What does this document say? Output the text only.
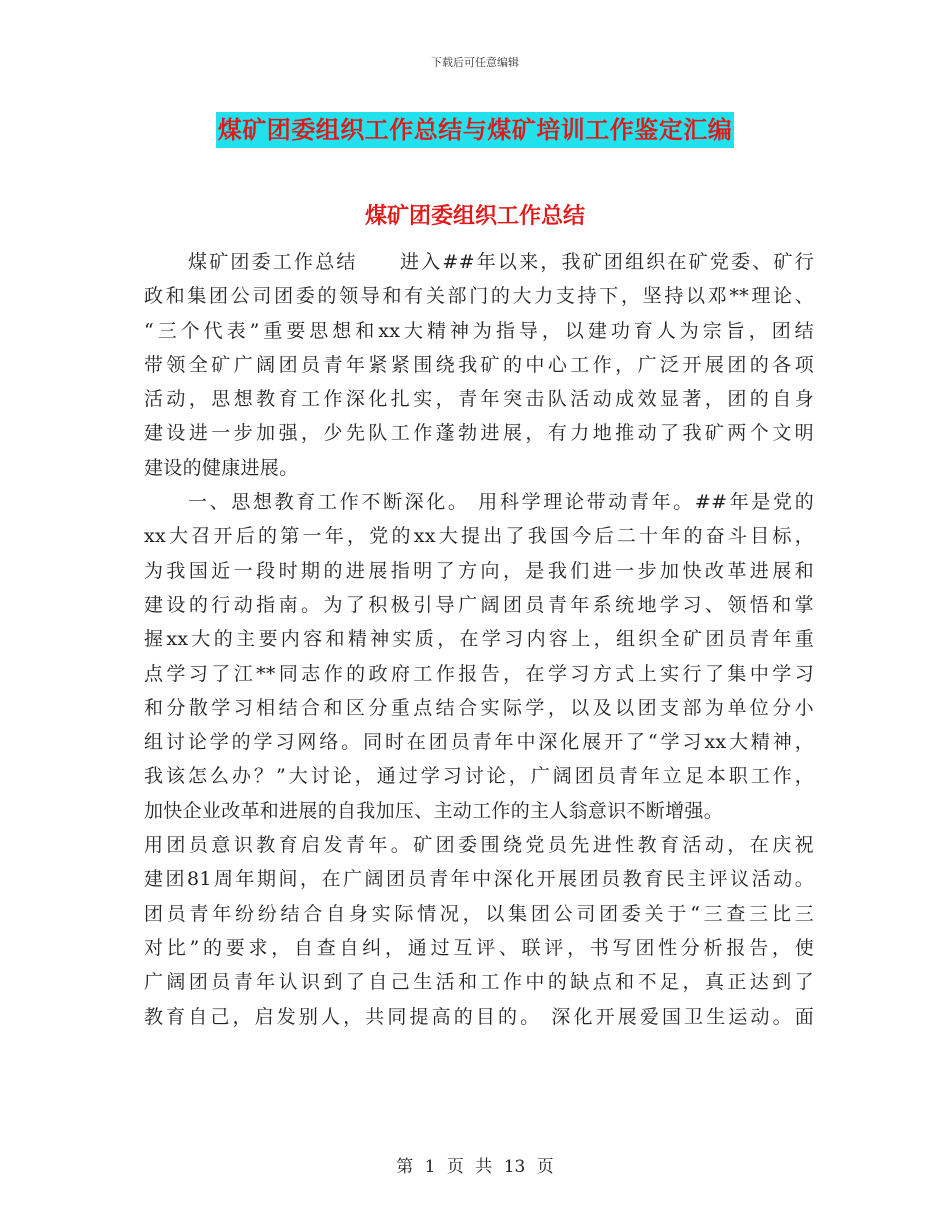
下载后可任意编辑
煤矿团委组织工作总结与煤矿培训工作鉴定汇编
煤矿团委组织工作总结
煤矿团委工作总结　　进入##年以来，我矿团组织在矿党委、矿行
政和集团公司团委的领导和有关部门的大力支持下，坚持以邓**理论、
“三个代表”重要思想和xx大精神为指导，以建功育人为宗旨，团结
带领全矿广阔团员青年紧紧围绕我矿的中心工作，广泛开展团的各项
活动，思想教育工作深化扎实，青年突击队活动成效显著，团的自身
建设进一步加强，少先队工作蓬勃进展，有力地推动了我矿两个文明
建设的健康进展。
一、思想教育工作不断深化。 用科学理论带动青年。##年是党的
xx大召开后的第一年，党的xx大提出了我国今后二十年的奋斗目标，
为我国近一段时期的进展指明了方向，是我们进一步加快改革进展和
建设的行动指南。为了积极引导广阔团员青年系统地学习、领悟和掌
握xx大的主要内容和精神实质，在学习内容上，组织全矿团员青年重
点学习了江**同志作的政府工作报告，在学习方式上实行了集中学习
和分散学习相结合和区分重点结合实际学，以及以团支部为单位分小
组讨论学的学习网络。同时在团员青年中深化展开了“学习xx大精神，
我该怎么办？”大讨论，通过学习讨论，广阔团员青年立足本职工作，
加快企业改革和进展的自我加压、主动工作的主人翁意识不断增强。
用团员意识教育启发青年。矿团委围绕党员先进性教育活动，在庆祝
建团81周年期间，在广阔团员青年中深化开展团员教育民主评议活动。
团员青年纷纷结合自身实际情况，以集团公司团委关于“三查三比三
对比”的要求，自查自纠，通过互评、联评，书写团性分析报告，使
广阔团员青年认识到了自己生活和工作中的缺点和不足，真正达到了
教育自己，启发别人，共同提高的目的。 深化开展爱国卫生运动。面
第 1 页 共 13 页
